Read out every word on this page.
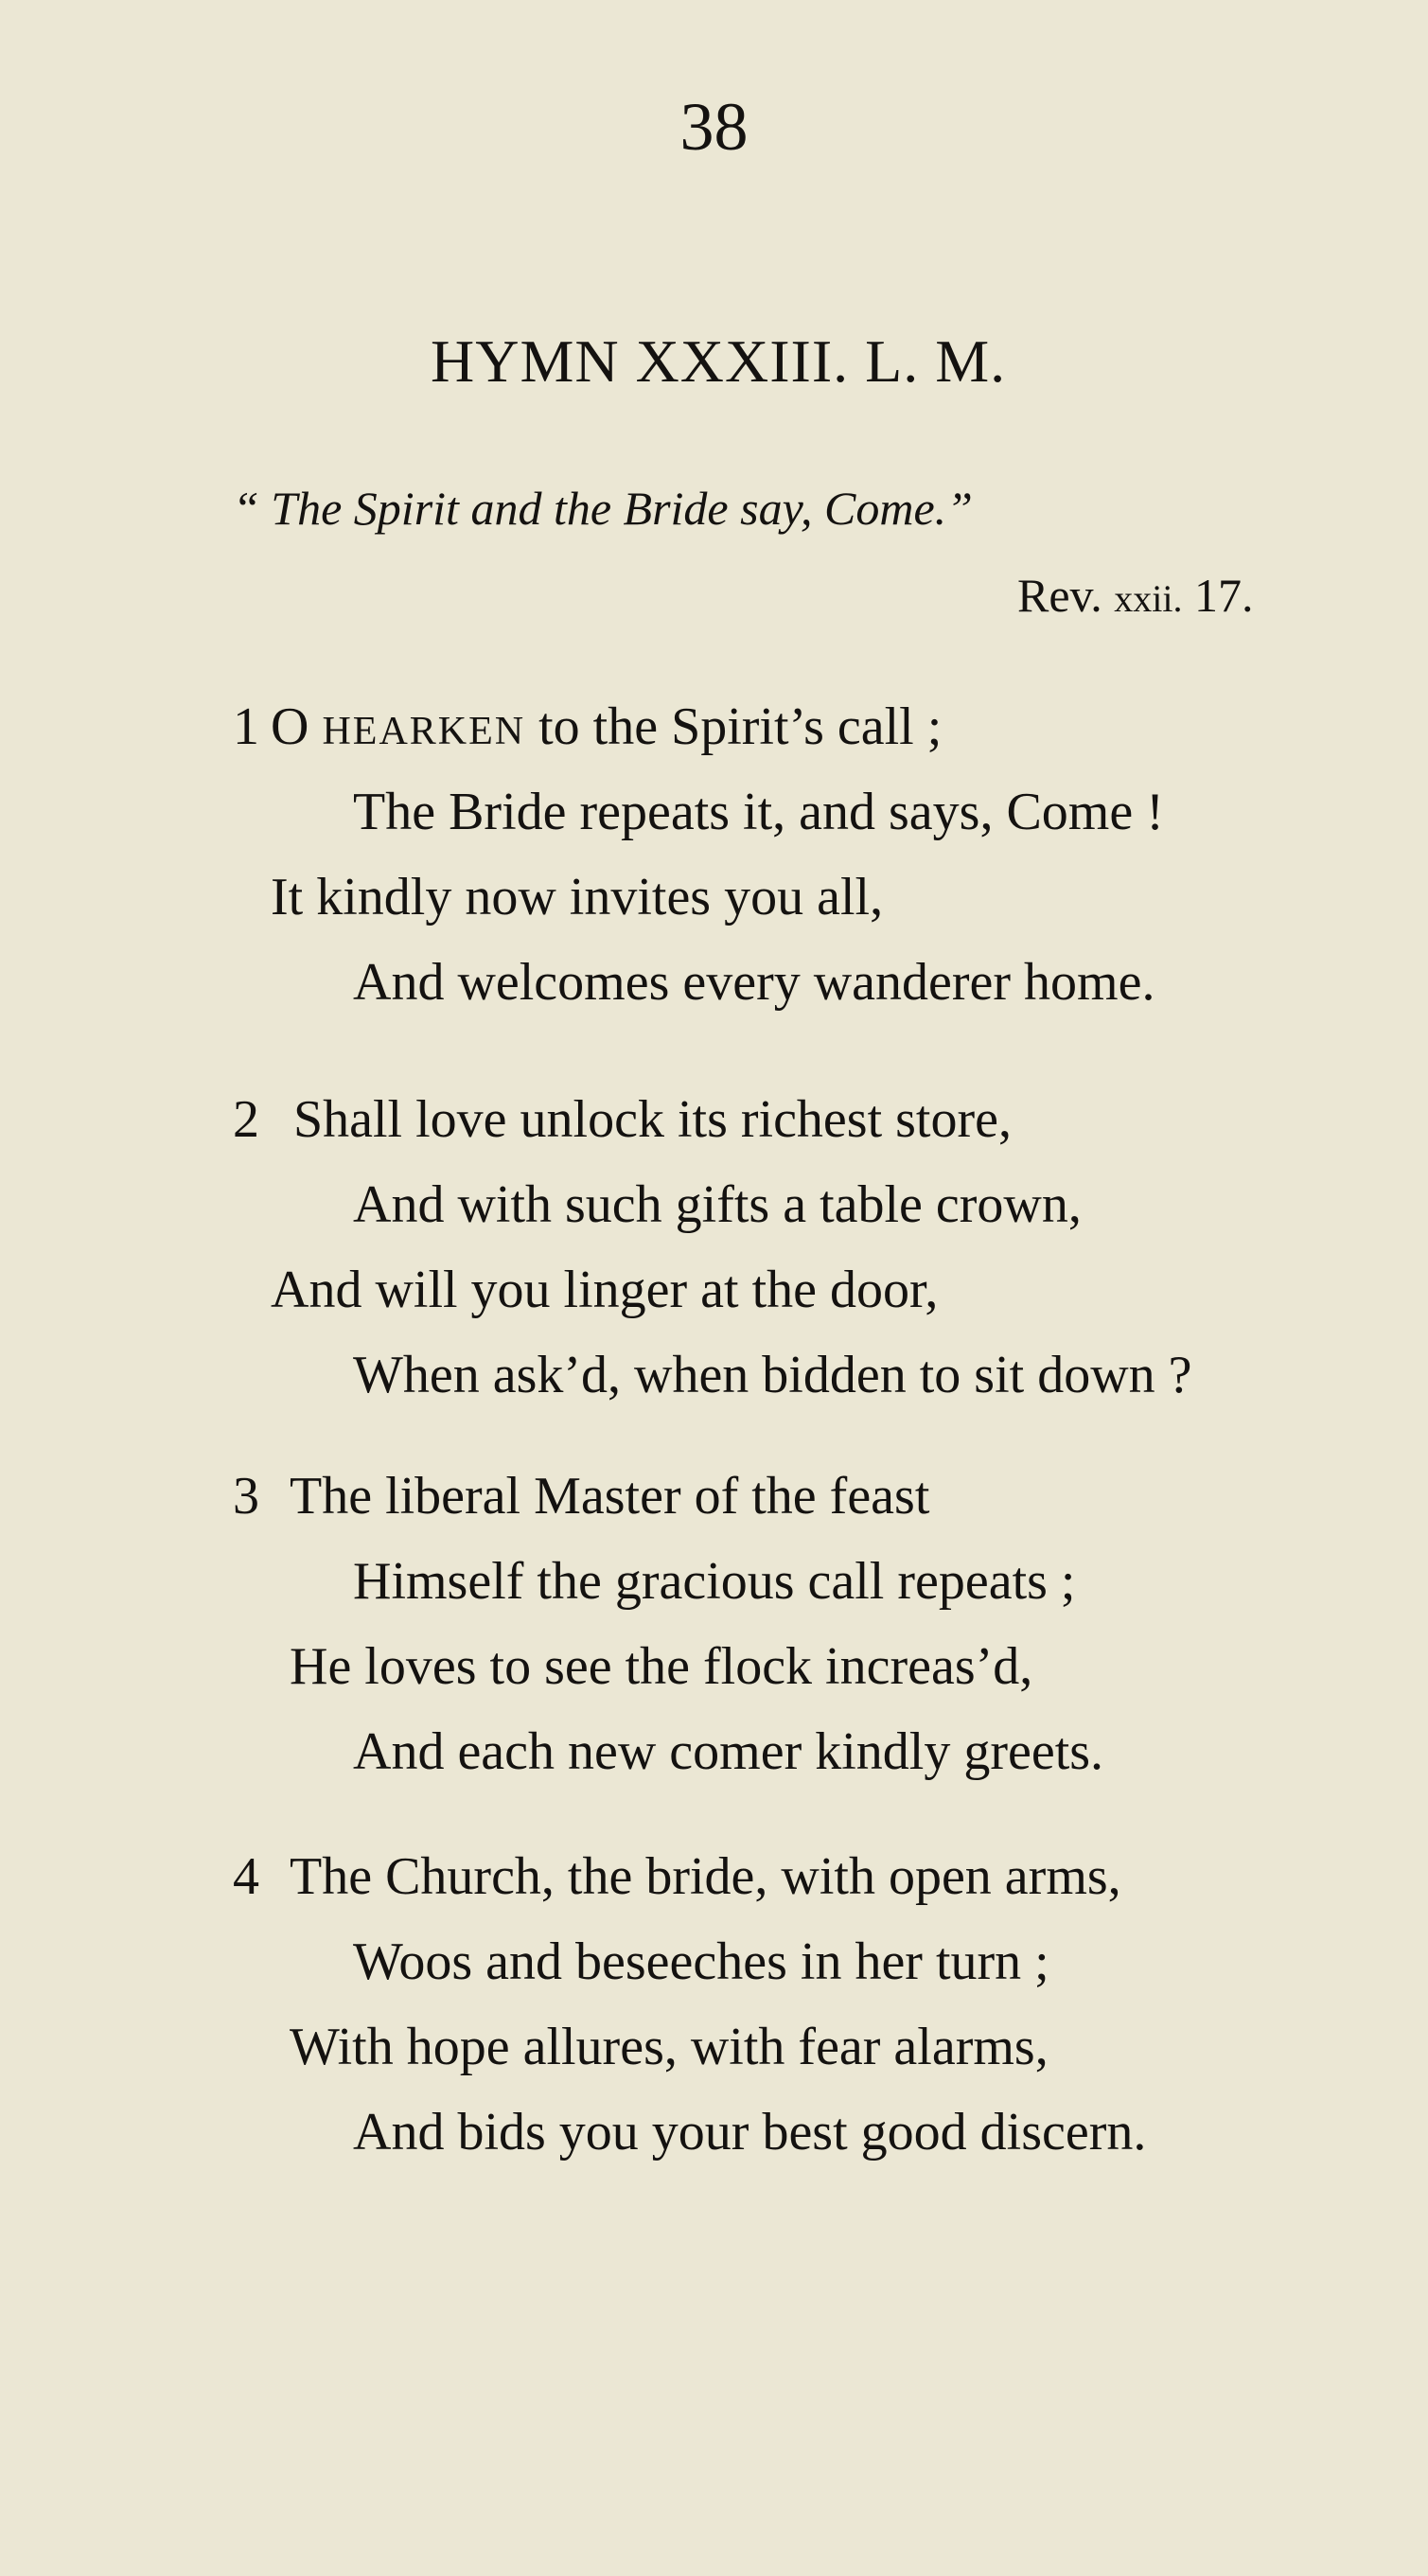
38
HYMN XXXIII. L. M.
“ The Spirit and the Bride say, Come.”
Rev. xxii. 17.
1 O HEARKEN to the Spirit’s call ;
The Bride repeats it, and says, Come !
It kindly now invites you all,
And welcomes every wanderer home.
2 Shall love unlock its richest store,
And with such gifts a table crown,
And will you linger at the door,
When ask’d, when bidden to sit down ?
3 The liberal Master of the feast
Himself the gracious call repeats ;
He loves to see the flock increas’d,
And each new comer kindly greets.
4 The Church, the bride, with open arms,
Woos and beseeches in her turn ;
With hope allures, with fear alarms,
And bids you your best good discern.
